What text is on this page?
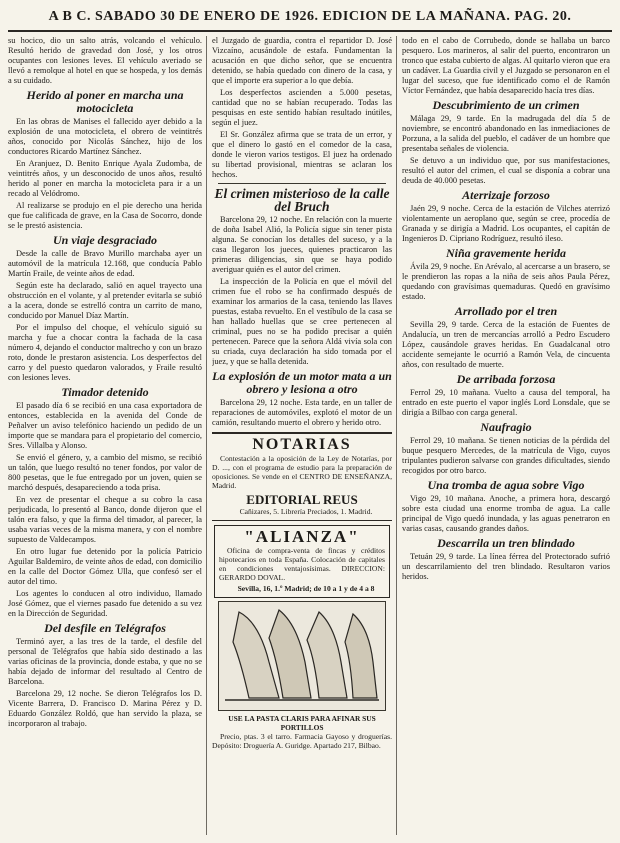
A B C. SABADO 30 DE ENERO DE 1926. EDICION DE LA MAÑANA. PAG. 20.

su hocico, dio un salto atrás, volcando el vehículo. Resultó herido de gravedad don José, y los otros ocupantes con lesiones leves. El vehículo averiado se llevó a remolque al hotel en que se hospeda, y los demás a su cuidado.

Herido al poner en marcha una motocicleta

En las obras de Manises el fallecido ayer debido a la explosión de una motocicleta, el obrero de veintitrés años, conocido por Nicolás Sánchez, hijo de los conductores Ricardo Martínez Sánchez.

En Aranjuez, D. Benito Enrique Ayala Zudomba, de veintitrés años, y un desconocido de unos años, resultó herido al poner en marcha la motocicleta para ir a un recado al Velódromo.

Al realizarse se produjo en el pie derecho una herida que fue calificada de grave, en la Casa de Socorro, donde se le prestó asistencia.

Un viaje desgraciado

Desde la calle de Bravo Murillo marchaba ayer un automóvil de la matrícula 12.168, que conducía Pablo Martín Fraile, de veinte años de edad.

Según este ha declarado, salió en aquel trayecto una obstrucción en el volante, y al pretender evitarla se subió a la acera, donde se estrelló contra un carrito de mano, conducido por Manuel Díaz Martín.

Por el impulso del choque, el vehículo siguió su marcha y fue a chocar contra la fachada de la casa número 4, dejando el conductor maltrecho y con un brazo roto, donde le prestaron asistencia. Los desperfectos del carro y del puesto quedaron valorados, y Fraile resultó con lesiones leves.

Timador detenido

El pasado día 6 se recibió en una casa exportadora de entonces, establecida en la avenida del Conde de Peñalver un aviso telefónico haciendo un pedido de un importe que se mandara para el propietario del comercio, Sres. Villalba y Alonso.

Se envió el género, y, a cambio del mismo, se recibió un talón, que luego resultó no tener fondos, por valor de 800 pesetas, que le fue entregado por un joven, quien se marchó después, desapareciendo a toda prisa.

En vez de presentar el cheque a su cobro la casa perjudicada, lo presentó al Banco, donde dijeron que el talón era falso, y que la firma del timador, al parecer, la usaba varias veces de la misma manera, y con el nombre supuesto de Valdecampos.

En otro lugar fue detenido por la policía Patricio Aguilar Baldemiro, de veinte años de edad, con domicilio en la calle del Doctor Gómez Ulla, que confesó ser el autor del timo.

Los agentes lo conducen al otro individuo, llamado José Gómez, que el viernes pasado fue detenido a su vez en la Dirección de Seguridad.

Del desfile en Telégrafos

Terminó ayer, a las tres de la tarde, el desfile del personal de Telégrafos que había sido destinado a las varias oficinas de la provincia, donde estaba, y que no se había dejado de informar del resultado al Centro de Barcelona.

Barcelona 29, 12 noche. Se dieron Telégrafos los D. Vicente Barrera, D. Francisco D. Marina Pérez y D. Eduardo González Roldó, que han servido la plaza, se incorporaron al trabajo.

el Juzgado de guardia, contra el repartidor D. José Vizcaíno, acusándole de estafa. Fundamentan la acusación en que dicho señor, que se encuentra detenido, se había quedado con dinero de la casa, y que el importe era superior a lo que debía.

Los desperfectos ascienden a 5.000 pesetas, cantidad que no se habían recuperado. Todas las pesquisas en este sentido habían resultado inútiles, según el juez.

El Sr. González afirma que se trata de un error, y que el dinero lo gastó en el comedor de la casa, donde le vieron varios testigos. El juez ha ordenado su libertad provisional, mientras se aclaran los hechos.

El crimen misterioso de la calle del Bruch

Barcelona 29, 12 noche. En relación con la muerte de doña Isabel Alió, la Policía sigue sin tener pista alguna. Se conocían los detalles del suceso, y a la casa llegaron los jueces, quienes practicaron las primeras diligencias, sin que se haya podido averiguar quién es el autor del crimen.

La inspección de la Policía en que el móvil del crimen fue el robo se ha confirmado después de examinar los armarios de la casa, teniendo las llaves puestas, estaba revuelto. En el vestíbulo de la casa se han hallado huellas que se cree pertenecen al criminal, pues no se ha podido precisar a quién pertenecen. Parece que la señora Aldá vivía sola con su criada, cuya declaración ha sido tomada por el juez, y que se halla detenida.

La explosión de un motor mata a un obrero y lesiona a otro

Barcelona 29, 12 noche. Esta tarde, en un taller de reparaciones de automóviles, explotó el motor de un camión, resultando muerto el obrero y herido otro.

NOTARIAS

Contestación a la oposición de la Ley de Notarías, por D. ..., con el programa de estudio para la preparación de oposiciones. Se vende en el CENTRO DE ENSEÑANZA, Madrid.

EDITORIAL REUS

Cañizares, 5. Librería Preciados, 1. Madrid.

"ALIANZA"

Oficina de compra-venta de fincas y créditos hipotecarios en toda España. Colocación de capitales en condiciones ventajosísimas. DIRECCION: GERARDO DOVAL.

Sevilla, 16, 1.º Madrid; de 10 a 1 y de 4 a 8

USE LA PASTA CLARIS PARA AFINAR SUS PORTILLOS

Precio, ptas. 3 el tarro. Farmacia Gayoso y droguerías. Depósito: Droguería A. Guridge. Apartado 217, Bilbao.

todo en el cabo de Corrubedo, donde se hallaba un barco pesquero. Los marineros, al salir del puerto, encontraron un tronco que estaba cubierto de algas. Al quitarlo vieron que era un cadáver. La Guardia civil y el Juzgado se personaron en el lugar del suceso, que fue identificado como el de Ramón Víctor Fernández, que había desaparecido hacía tres días.

Descubrimiento de un crimen

Málaga 29, 9 tarde. En la madrugada del día 5 de noviembre, se encontró abandonado en las inmediaciones de Porzuna, a la salida del pueblo, el cadáver de un hombre que presentaba señales de violencia.

Se detuvo a un individuo que, por sus manifestaciones, resultó el autor del crimen, el cual se disponía a cobrar una deuda de 40.000 pesetas.

Aterrizaje forzoso

Jaén 29, 9 noche. Cerca de la estación de Vilches aterrizó violentamente un aeroplano que, según se cree, procedía de Granada y se dirigía a Madrid. Los ocupantes, el capitán de Ingenieros D. Cipriano Rodríguez, resultó ileso.

Niña gravemente herida

Ávila 29, 9 noche. En Arévalo, al acercarse a un brasero, se le prendieron las ropas a la niña de seis años Paula Pérez, quedando con gravísimas quemaduras. Quedó en gravísimo estado.

Arrollado por el tren

Sevilla 29, 9 tarde. Cerca de la estación de Fuentes de Andalucía, un tren de mercancías arrolló a Pedro Escudero López, causándole graves heridas. En Guadalcanal otro accidente semejante le ocurrió a Ramón Vela, de cincuenta años, con resultado de muerte.

De arribada forzosa

Ferrol 29, 10 mañana. Vuelto a causa del temporal, ha entrado en este puerto el vapor inglés Lord Lonsdale, que se dirigía a Bilbao con carga general.

Naufragio

Ferrol 29, 10 mañana. Se tienen noticias de la pérdida del buque pesquero Mercedes, de la matrícula de Vigo, cuyos tripulantes pudieron salvarse con grandes dificultades, siendo recogidos por otro barco.

Una tromba de agua sobre Vigo

Vigo 29, 10 mañana. Anoche, a primera hora, descargó sobre esta ciudad una enorme tromba de agua. La calle principal de Vigo quedó inundada, y las aguas penetraron en varias casas, causando grandes daños.

Descarrila un tren blindado

Tetuán 29, 9 tarde. La línea férrea del Protectorado sufrió un descarrilamiento del tren blindado. Resultaron varios heridos.
